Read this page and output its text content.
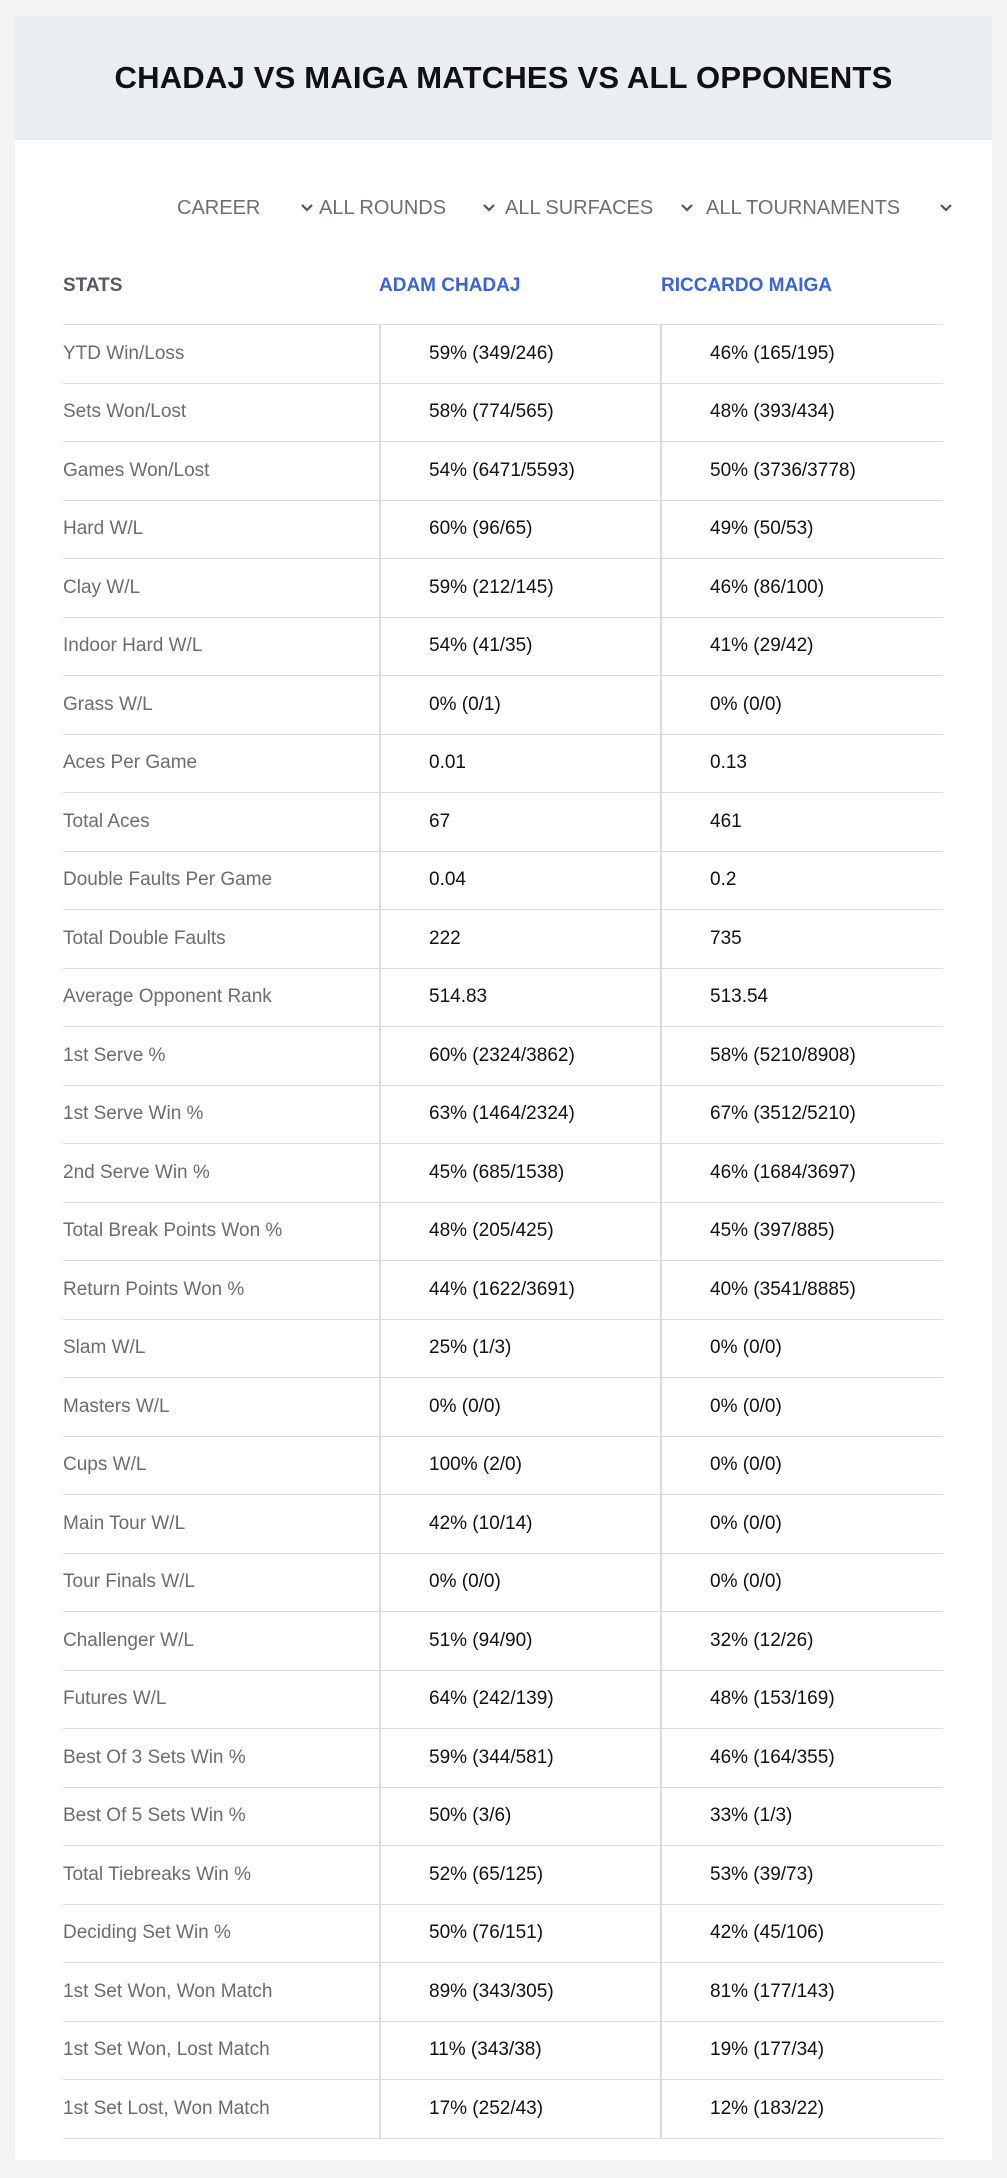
CHADAJ VS MAIGA MATCHES VS ALL OPPONENTS
CAREER	ALL ROUNDS	ALL SURFACES	ALL TOURNAMENTS
STATS	ADAM CHADAJ	RICCARDO MAIGA
YTD Win/Loss	59% (349/246)	46% (165/195)
Sets Won/Lost	58% (774/565)	48% (393/434)
Games Won/Lost	54% (6471/5593)	50% (3736/3778)
Hard W/L	60% (96/65)	49% (50/53)
Clay W/L	59% (212/145)	46% (86/100)
Indoor Hard W/L	54% (41/35)	41% (29/42)
Grass W/L	0% (0/1)	0% (0/0)
Aces Per Game	0.01	0.13
Total Aces	67	461
Double Faults Per Game	0.04	0.2
Total Double Faults	222	735
Average Opponent Rank	514.83	513.54
1st Serve %	60% (2324/3862)	58% (5210/8908)
1st Serve Win %	63% (1464/2324)	67% (3512/5210)
2nd Serve Win %	45% (685/1538)	46% (1684/3697)
Total Break Points Won %	48% (205/425)	45% (397/885)
Return Points Won %	44% (1622/3691)	40% (3541/8885)
Slam W/L	25% (1/3)	0% (0/0)
Masters W/L	0% (0/0)	0% (0/0)
Cups W/L	100% (2/0)	0% (0/0)
Main Tour W/L	42% (10/14)	0% (0/0)
Tour Finals W/L	0% (0/0)	0% (0/0)
Challenger W/L	51% (94/90)	32% (12/26)
Futures W/L	64% (242/139)	48% (153/169)
Best Of 3 Sets Win %	59% (344/581)	46% (164/355)
Best Of 5 Sets Win %	50% (3/6)	33% (1/3)
Total Tiebreaks Win %	52% (65/125)	53% (39/73)
Deciding Set Win %	50% (76/151)	42% (45/106)
1st Set Won, Won Match	89% (343/305)	81% (177/143)
1st Set Won, Lost Match	11% (343/38)	19% (177/34)
1st Set Lost, Won Match	17% (252/43)	12% (183/22)
